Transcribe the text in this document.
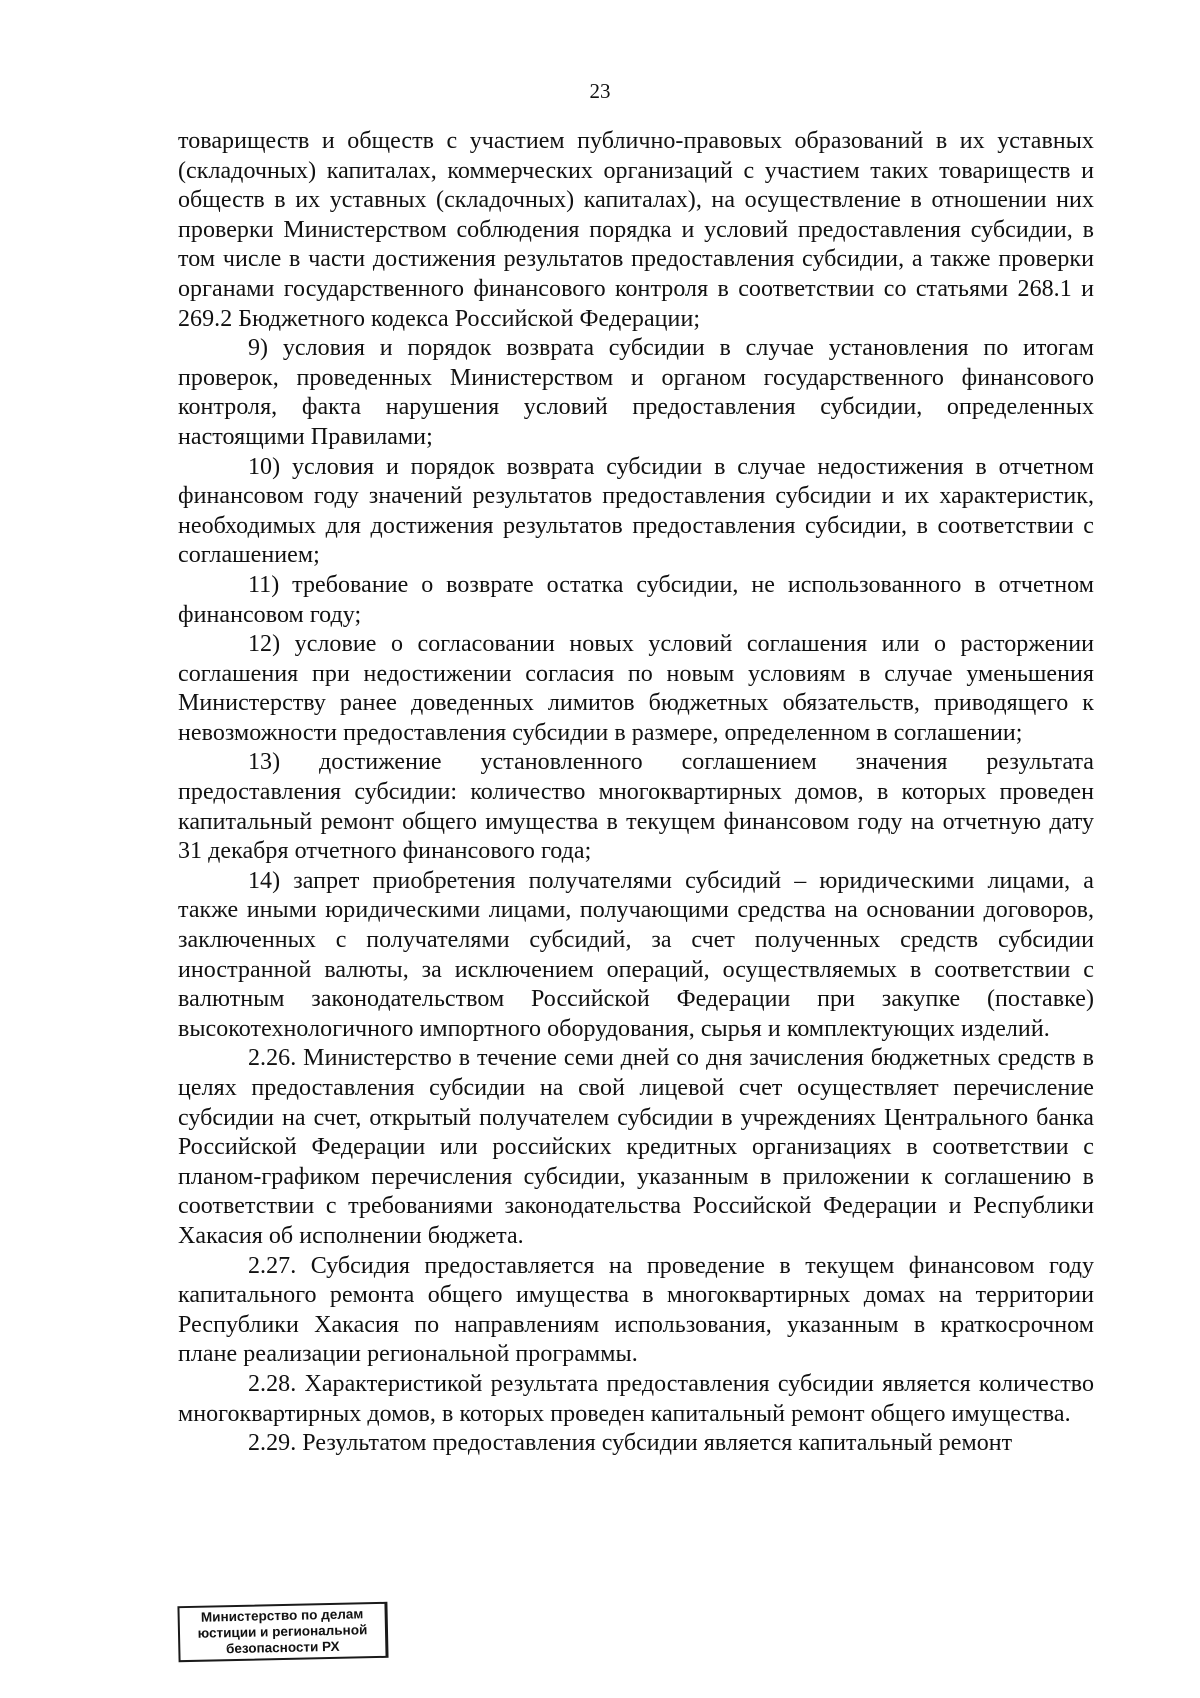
23

товариществ и обществ с участием публично-правовых образований в их уставных (складочных) капиталах, коммерческих организаций с участием таких товариществ и обществ в их уставных (складочных) капиталах), на осуществление в отношении них проверки Министерством соблюдения порядка и условий предоставления субсидии, в том числе в части достижения результатов предоставления субсидии, а также проверки органами государственного финансового контроля в соответствии со статьями 268.1 и 269.2 Бюджетного кодекса Российской Федерации;

9) условия и порядок возврата субсидии в случае установления по итогам проверок, проведенных Министерством и органом государственного финансового контроля, факта нарушения условий предоставления субсидии, определенных настоящими Правилами;

10) условия и порядок возврата субсидии в случае недостижения в отчетном финансовом году значений результатов предоставления субсидии и их характеристик, необходимых для достижения результатов предоставления субсидии, в соответствии с соглашением;

11) требование о возврате остатка субсидии, не использованного в отчетном финансовом году;

12) условие о согласовании новых условий соглашения или о расторжении соглашения при недостижении согласия по новым условиям в случае уменьшения Министерству ранее доведенных лимитов бюджетных обязательств, приводящего к невозможности предоставления субсидии в размере, определенном в соглашении;

13) достижение установленного соглашением значения результата предоставления субсидии: количество многоквартирных домов, в которых проведен капитальный ремонт общего имущества в текущем финансовом году на отчетную дату 31 декабря отчетного финансового года;

14) запрет приобретения получателями субсидий – юридическими лицами, а также иными юридическими лицами, получающими средства на основании договоров, заключенных с получателями субсидий, за счет полученных средств субсидии иностранной валюты, за исключением операций, осуществляемых в соответствии с валютным законодательством Российской Федерации при закупке (поставке) высокотехнологичного импортного оборудования, сырья и комплектующих изделий.

2.26. Министерство в течение семи дней со дня зачисления бюджетных средств в целях предоставления субсидии на свой лицевой счет осуществляет перечисление субсидии на счет, открытый получателем субсидии в учреждениях Центрального банка Российской Федерации или российских кредитных организациях в соответствии с планом-графиком перечисления субсидии, указанным в приложении к соглашению в соответствии с требованиями законодательства Российской Федерации и Республики Хакасия об исполнении бюджета.

2.27. Субсидия предоставляется на проведение в текущем финансовом году капитального ремонта общего имущества в многоквартирных домах на территории Республики Хакасия по направлениям использования, указанным в краткосрочном плане реализации региональной программы.

2.28. Характеристикой результата предоставления субсидии является количество многоквартирных домов, в которых проведен капитальный ремонт общего имущества.

2.29. Результатом предоставления субсидии является капитальный ремонт

Министерство по делам
юстиции и региональной
безопасности РХ
